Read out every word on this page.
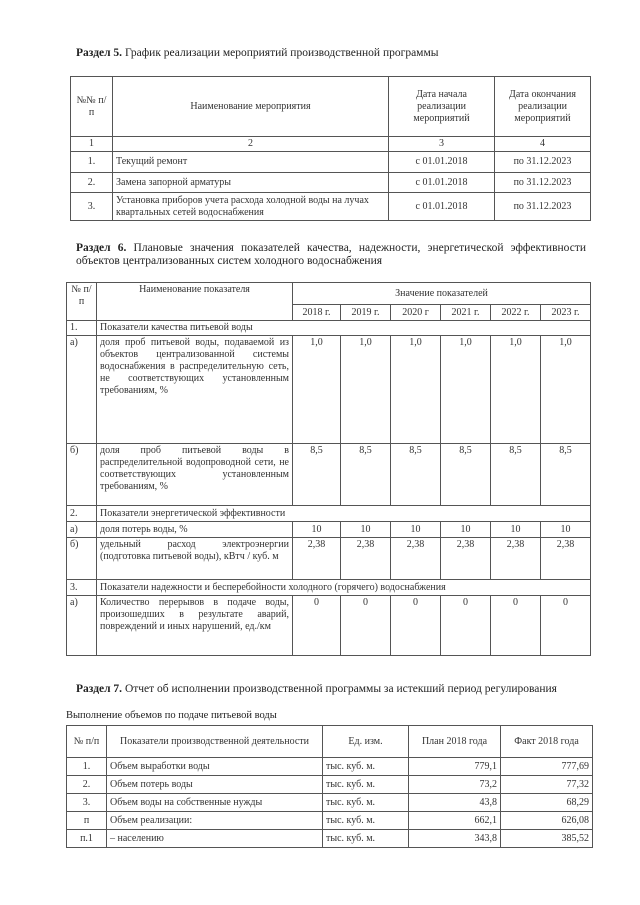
Раздел 5. График реализации мероприятий производственной программы
№№ п/п	Наименование мероприятия	Дата начала реализации мероприятий	Дата окончания реализации мероприятий
1	2	3	4
1.	Текущий ремонт	с 01.01.2018	по 31.12.2023
2.	Замена запорной арматуры	с 01.01.2018	по 31.12.2023
3.	Установка приборов учета расхода холодной воды на лучах квартальных сетей водоснабжения	с 01.01.2018	по 31.12.2023
Раздел 6. Плановые значения показателей качества, надежности, энергетической эффективности объектов централизованных систем холодного водоснабжения
№ п/п	Наименование показателя	Значение показателей					
		2018 г.	2019 г.	2020 г	2021 г.	2022 г.	2023 г.
1.	Показатели качества питьевой воды						
а)	доля проб питьевой воды, подаваемой из объектов централизованной системы водоснабжения в распределительную сеть, не соответствующих установленным требованиям, %	1,0	1,0	1,0	1,0	1,0	1,0
б)	доля проб питьевой воды в распределительной водопроводной сети, не соответствующих установленным требованиям, %	8,5	8,5	8,5	8,5	8,5	8,5
2.	Показатели энергетической эффективности						
а)	доля потерь воды, %	10	10	10	10	10	10
б)	удельный расход электроэнергии (подготовка питьевой воды), кВтч / куб. м	2,38	2,38	2,38	2,38	2,38	2,38
3.	Показатели надежности и бесперебойности холодного (горячего) водоснабжения						
а)	Количество перерывов в подаче воды, произошедших в результате аварий, повреждений и иных нарушений, ед./км	0	0	0	0	0	0
Раздел 7. Отчет об исполнении производственной программы за истекший период регулирования
Выполнение объемов по подаче питьевой воды
№ п/п	Показатели производственной деятельности	Ед. изм.	План 2018 года	Факт 2018 года
1.	Объем выработки воды	тыс. куб. м.	779,1	777,69
2.	Объем потерь воды	тыс. куб. м.	73,2	77,32
3.	Объем воды на собственные нужды	тыс. куб. м.	43,8	68,29
п	Объем реализации:	тыс. куб. м.	662,1	626,08
п.1	– населению	тыс. куб. м.	343,8	385,52
